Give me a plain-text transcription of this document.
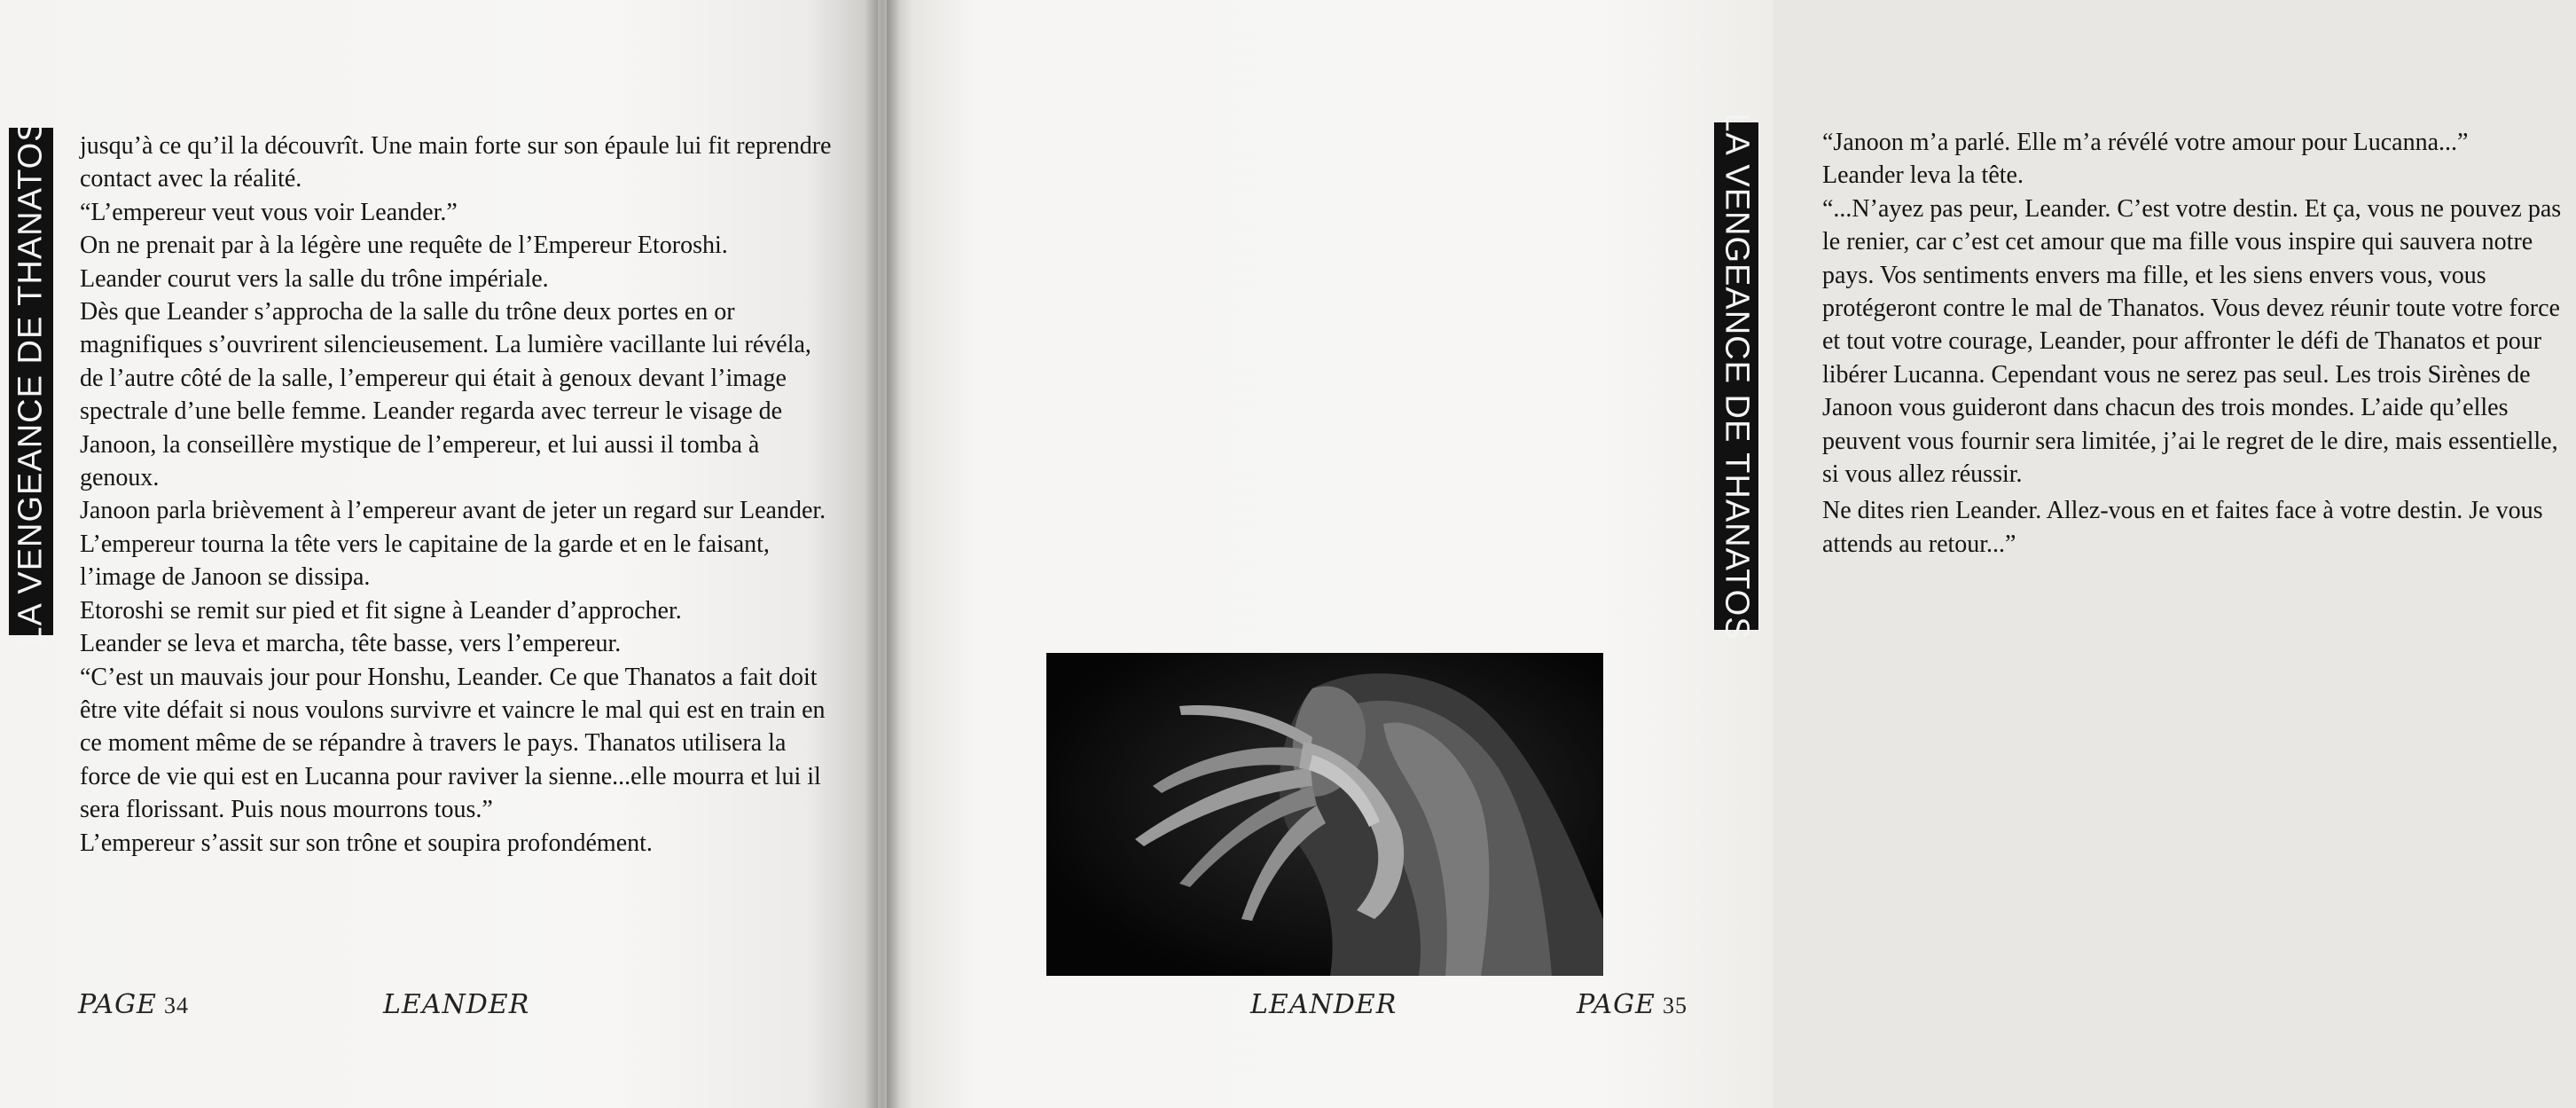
LA VENGEANCE DE THANATOS jusqu’à ce qu’il la découvrît. Une main forte sur son épaule lui fit reprendre contact avec la réalité.

“L’empereur veut vous voir Leander.”

On ne prenait par à la légère une requête de l’Empereur Etoroshi.

Leander courut vers la salle du trône impériale.

Dès que Leander s’approcha de la salle du trône deux portes en or magnifiques s’ouvrirent silencieusement. La lumière vacillante lui révéla, de l’autre côté de la salle, l’empereur qui était à genoux devant l’image spectrale d’une belle femme. Leander regarda avec terreur le visage de Janoon, la conseillère mystique de l’empereur, et lui aussi il tomba à genoux.

Janoon parla brièvement à l’empereur avant de jeter un regard sur Leander. L’empereur tourna la tête vers le capitaine de la garde et en le faisant, l’image de Janoon se dissipa.

Etoroshi se remit sur pied et fit signe à Leander d’approcher.

Leander se leva et marcha, tête basse, vers l’empereur.

“C’est un mauvais jour pour Honshu, Leander. Ce que Thanatos a fait doit être vite défait si nous voulons survivre et vaincre le mal qui est en train en ce moment même de se répandre à travers le pays. Thanatos utilisera la force de vie qui est en Lucanna pour raviver la sienne...elle mourra et lui il sera florissant. Puis nous mourrons tous.”

L’empereur s’assit sur son trône et soupira profondément.

PAGE 34	LEANDER

“Janoon m’a parlé. Elle m’a révélé votre amour pour Lucanna...”

Leander leva la tête.

“...N’ayez pas peur, Leander. C’est votre destin. Et ça, vous ne pouvez pas le renier, car c’est cet amour que ma fille vous inspire qui sauvera notre pays. Vos sentiments envers ma fille, et les siens envers vous, vous protégeront contre le mal de Thanatos. Vous devez réunir toute votre force et tout votre courage, Leander, pour affronter le défi de Thanatos et pour libérer Lucanna. Cependant vous ne serez pas seul. Les trois Sirènes de Janoon vous guideront dans chacun des trois mondes. L’aide qu’elles peuvent vous fournir sera limitée, j’ai le regret de le dire, mais essentielle, si vous allez réussir.

Ne dites rien Leander. Allez-vous en et faites face à votre destin. Je vous attends au retour...”

LA VENGEANCE DE THANATOS
LEANDER	PAGE 35
